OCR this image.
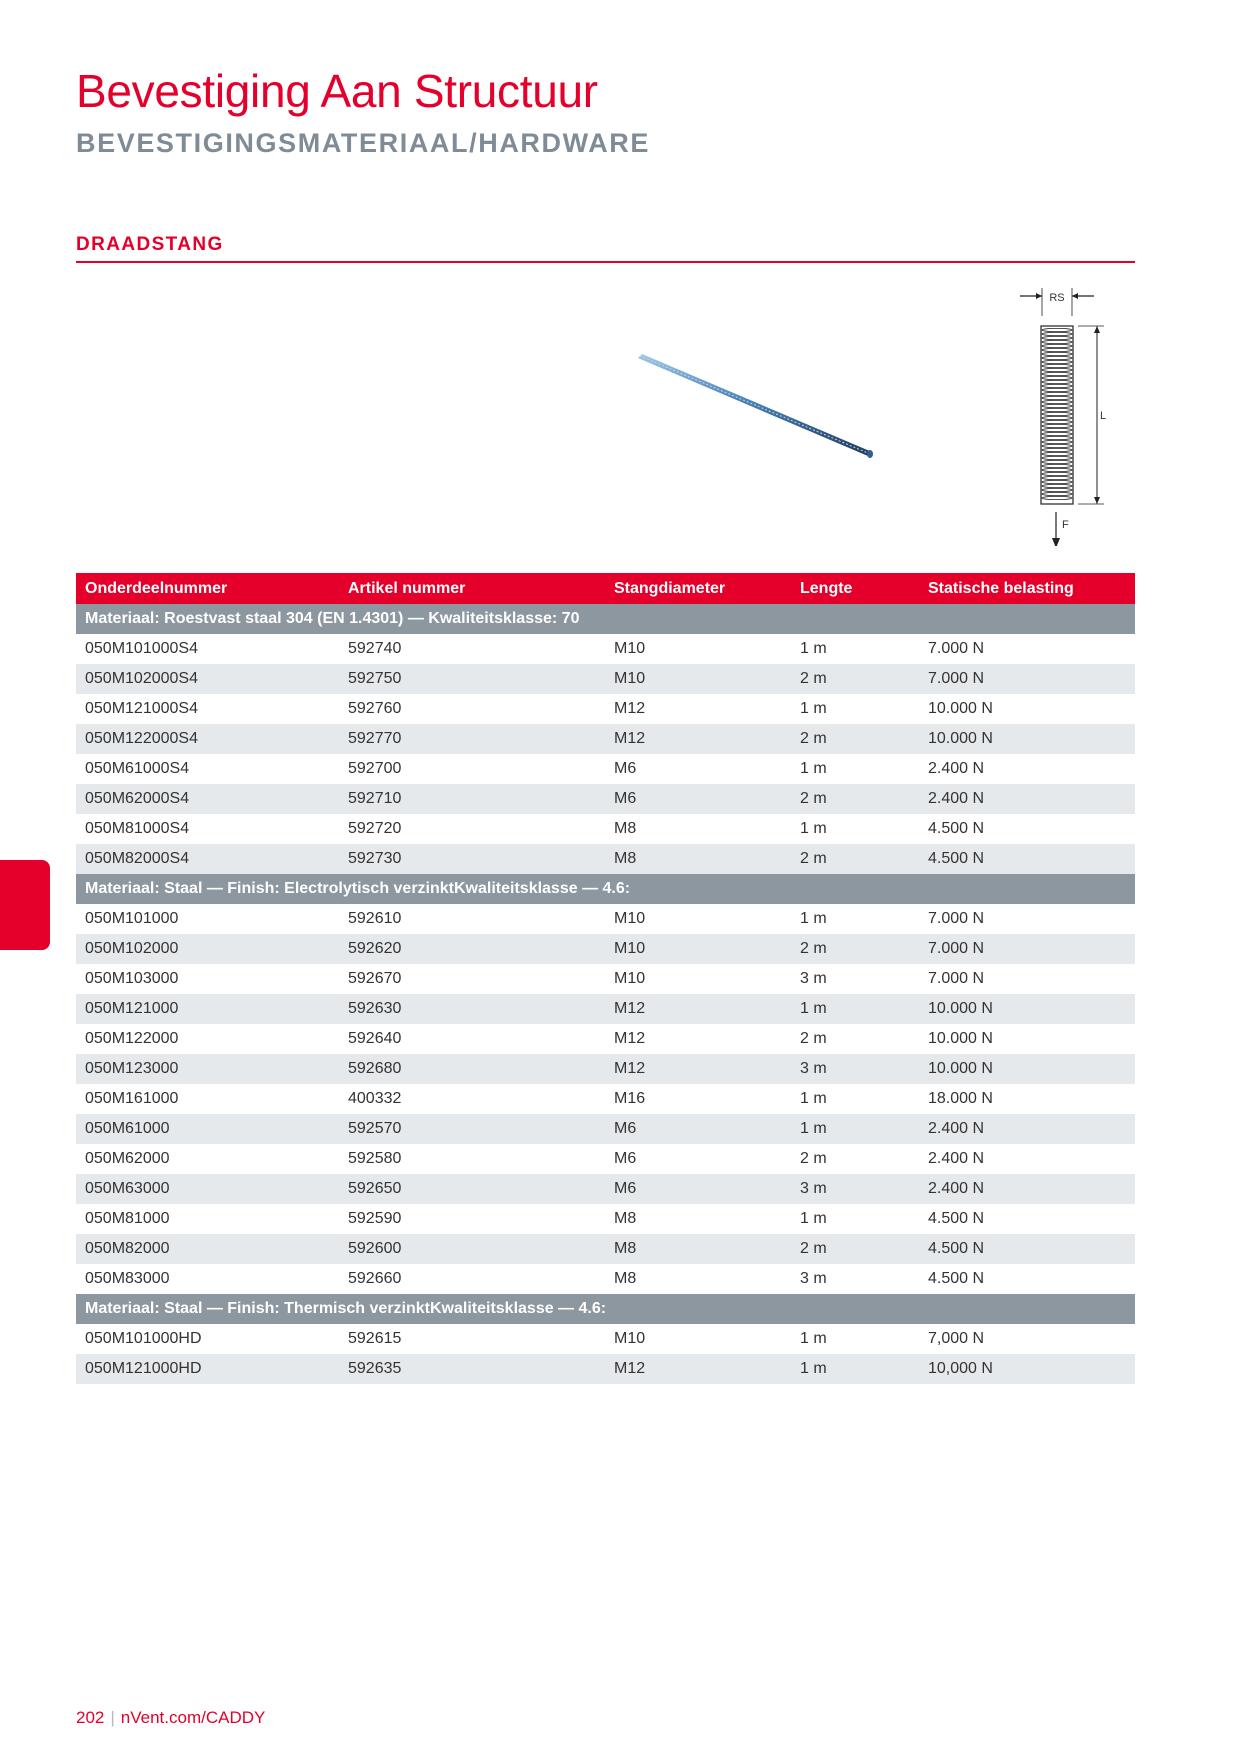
Bevestiging Aan Structuur
BEVESTIGINGSMATERIAAL/HARDWARE
DRAADSTANG
RS
L
F
Onderdeelnummer	Artikel nummer	Stangdiameter	Lengte	Statische belasting
Materiaal: Roestvast staal 304 (EN 1.4301) — Kwaliteitsklasse: 70				
050M101000S4	592740	M10	1 m	7.000 N
050M102000S4	592750	M10	2 m	7.000 N
050M121000S4	592760	M12	1 m	10.000 N
050M122000S4	592770	M12	2 m	10.000 N
050M61000S4	592700	M6	1 m	2.400 N
050M62000S4	592710	M6	2 m	2.400 N
050M81000S4	592720	M8	1 m	4.500 N
050M82000S4	592730	M8	2 m	4.500 N
Materiaal: Staal — Finish: Electrolytisch verzinktKwaliteitsklasse — 4.6:				
050M101000	592610	M10	1 m	7.000 N
050M102000	592620	M10	2 m	7.000 N
050M103000	592670	M10	3 m	7.000 N
050M121000	592630	M12	1 m	10.000 N
050M122000	592640	M12	2 m	10.000 N
050M123000	592680	M12	3 m	10.000 N
050M161000	400332	M16	1 m	18.000 N
050M61000	592570	M6	1 m	2.400 N
050M62000	592580	M6	2 m	2.400 N
050M63000	592650	M6	3 m	2.400 N
050M81000	592590	M8	1 m	4.500 N
050M82000	592600	M8	2 m	4.500 N
050M83000	592660	M8	3 m	4.500 N
Materiaal: Staal — Finish: Thermisch verzinktKwaliteitsklasse — 4.6:				
050M101000HD	592615	M10	1 m	7,000 N
050M121000HD	592635	M12	1 m	10,000 N
202 | nVent.com/CADDY
